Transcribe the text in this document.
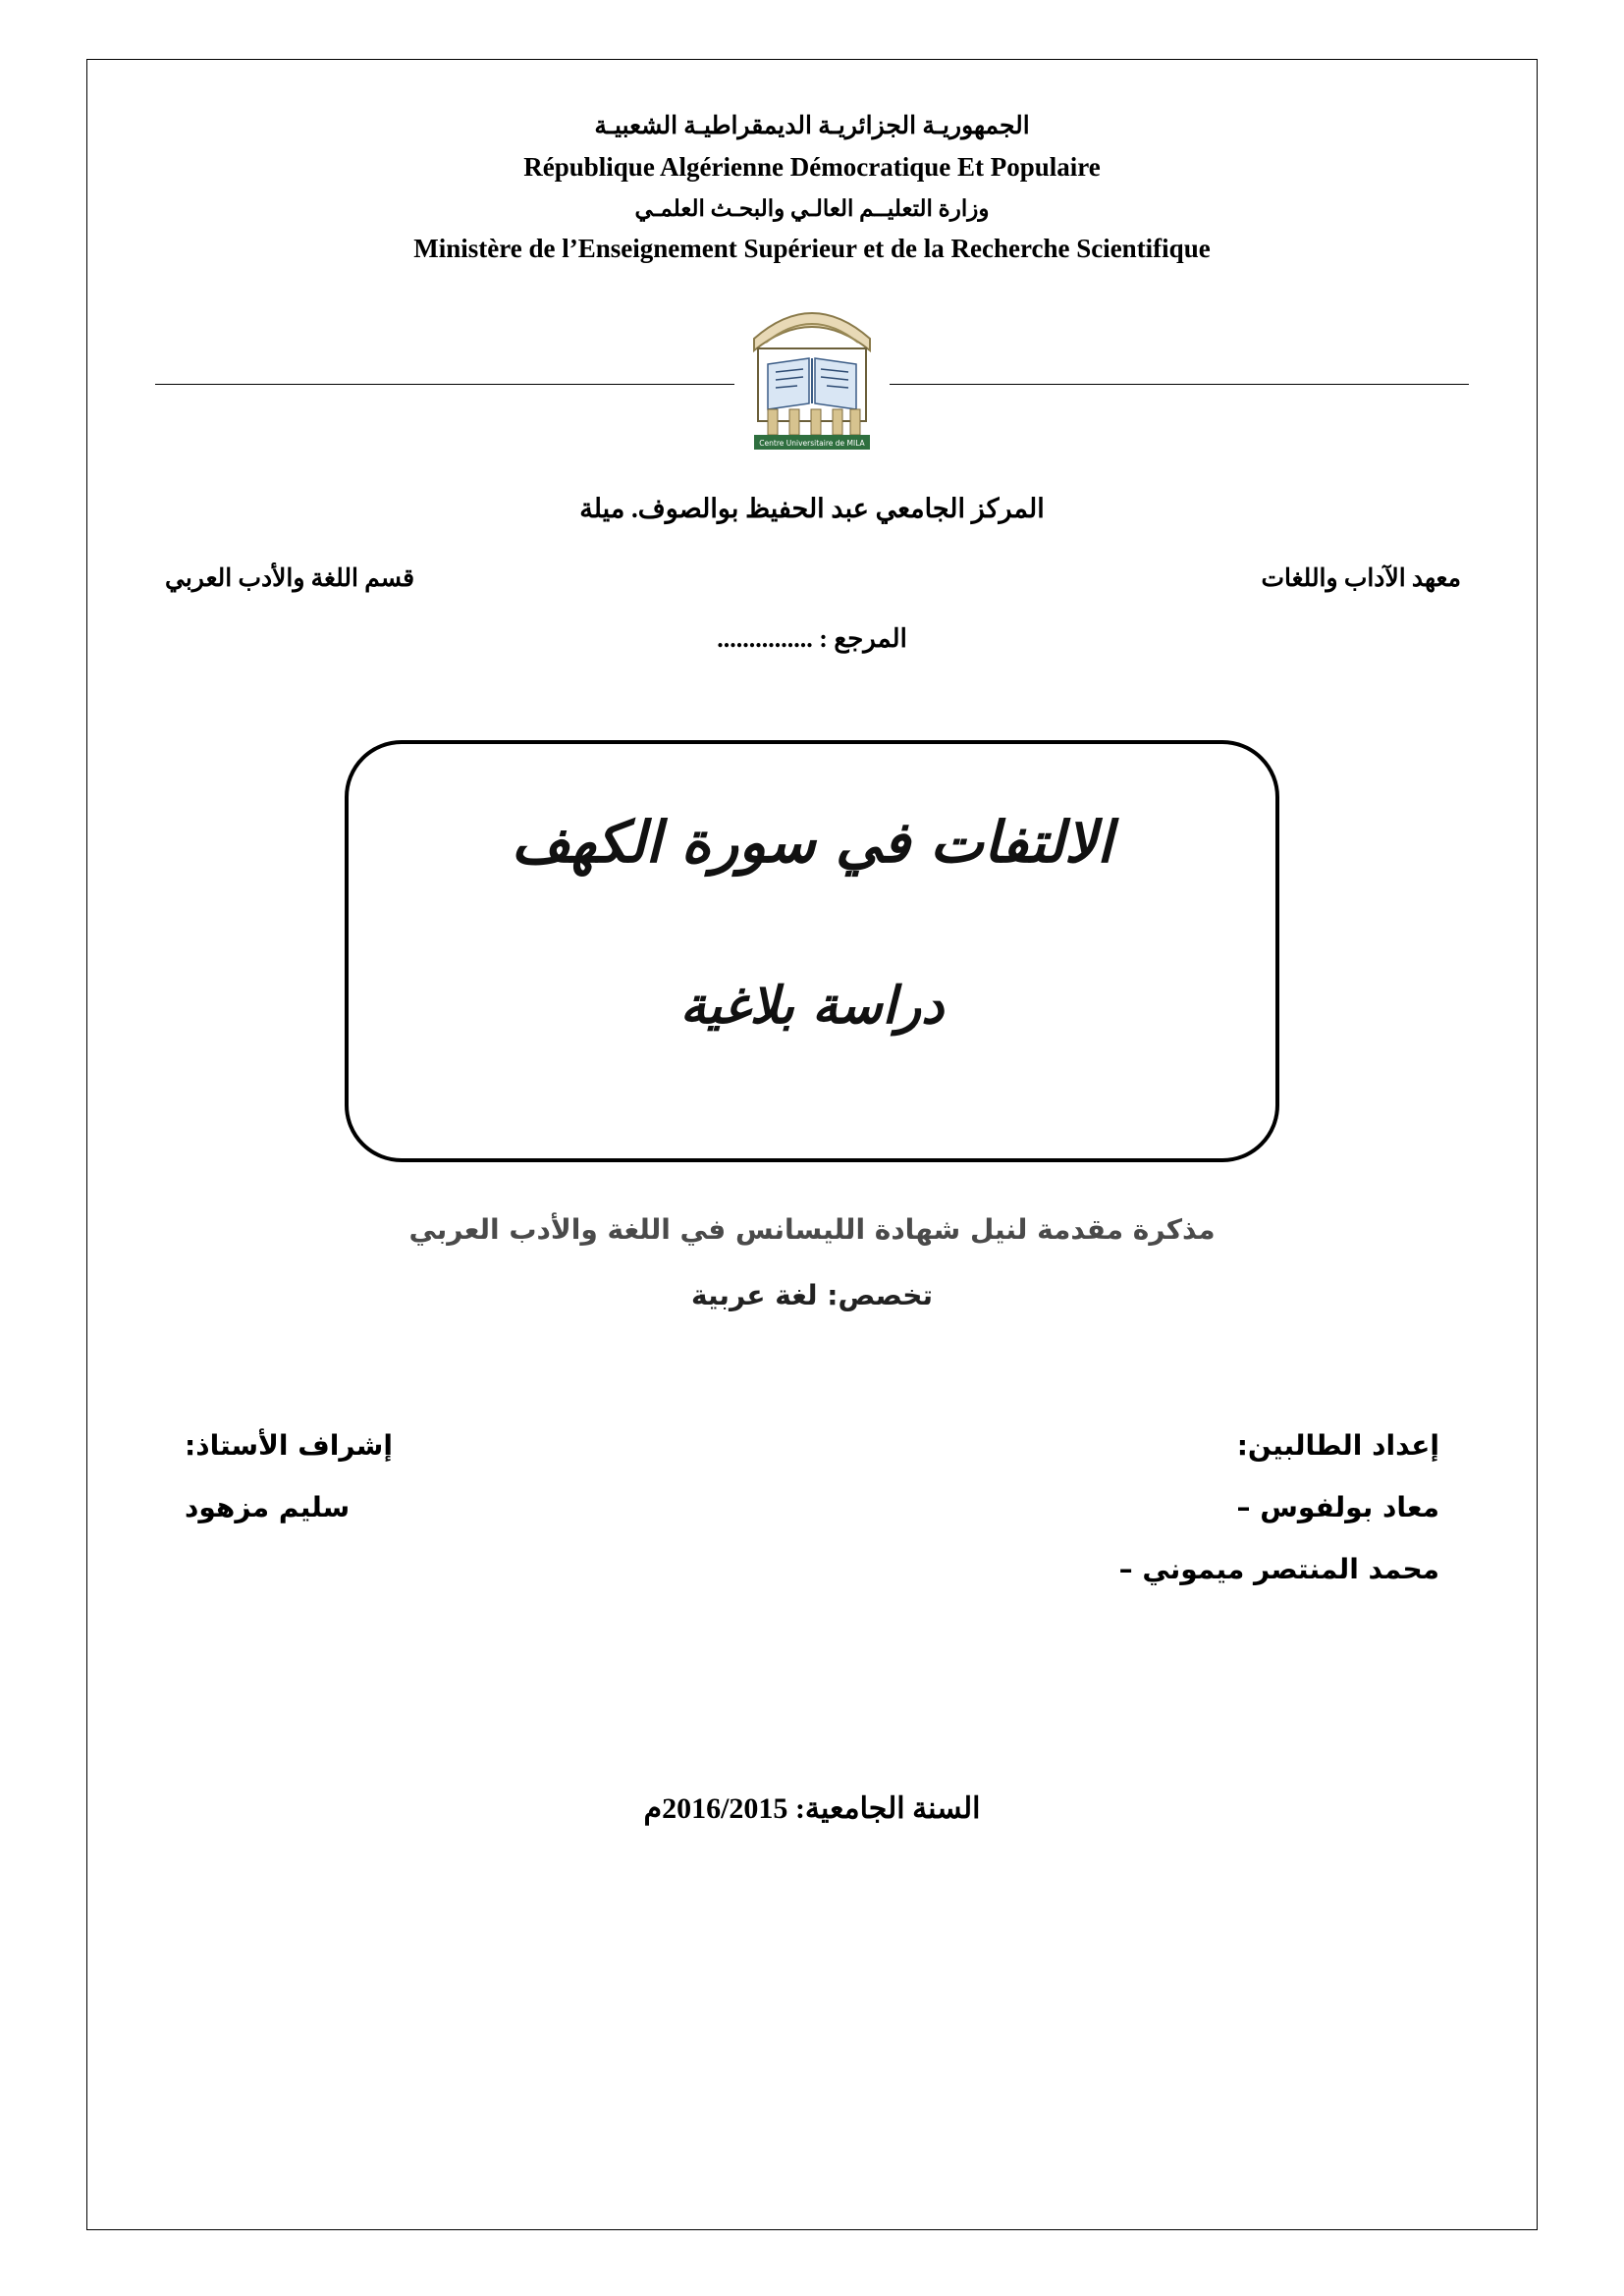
الجمهوريـة الجزائريـة الديمقراطيـة الشعبيـة
République Algérienne Démocratique Et Populaire
وزارة التعليــم العالـي والبحـث العلمـي
Ministère de l’Enseignement Supérieur et de la Recherche Scientifique
Centre Universitaire de MILA
المركز الجامعي عبد الحفيظ بوالصوف. ميلة
معهد الآداب واللغات
قسم اللغة والأدب العربي
المرجع : ...............
الالتفات في سورة الكهف
دراسة بلاغية
مذكرة مقدمة لنيل شهادة الليسانس في اللغة والأدب العربي
تخصص: لغة عربية
إعداد الطالبين:
معاد بولفوس –
محمد المنتصر ميموني –
إشراف الأستاذ:
سليم مزهود
السنة الجامعية: 2016/2015م
